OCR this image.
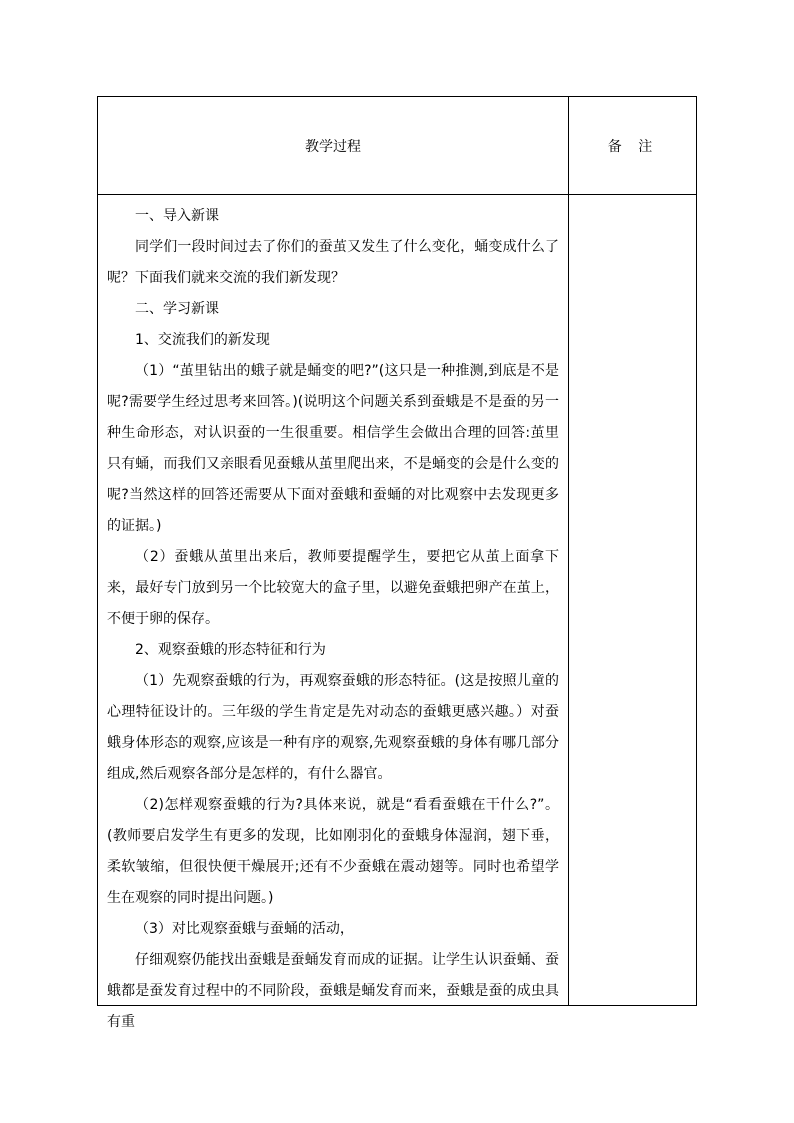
教学过程	备 注

一、导入新课

同学们一段时间过去了你们的蚕茧又发生了什么变化，蛹变成什么了呢？下面我们就来交流的我们新发现？

二、学习新课

1、交流我们的新发现

（1）“茧里钻出的蛾子就是蛹变的吧?”(这只是一种推测,到底是不是呢?需要学生经过思考来回答。)(说明这个问题关系到蚕蛾是不是蚕的另一种生命形态，对认识蚕的一生很重要。相信学生会做出合理的回答:茧里只有蛹，而我们又亲眼看见蚕蛾从茧里爬出来，不是蛹变的会是什么变的呢?当然这样的回答还需要从下面对蚕蛾和蚕蛹的对比观察中去发现更多的证据。)

（2）蚕蛾从茧里出来后，教师要提醒学生，要把它从茧上面拿下来，最好专门放到另一个比较宽大的盒子里，以避免蚕蛾把卵产在茧上，不便于卵的保存。

2、观察蚕蛾的形态特征和行为

（1）先观察蚕蛾的行为，再观察蚕蛾的形态特征。(这是按照儿童的心理特征设计的。三年级的学生肯定是先对动态的蚕蛾更感兴趣。）对蚕蛾身体形态的观察,应该是一种有序的观察,先观察蚕蛾的身体有哪几部分组成,然后观察各部分是怎样的，有什么器官。

（2)怎样观察蚕蛾的行为?具体来说，就是“看看蚕蛾在干什么?”。(教师要启发学生有更多的发现，比如刚羽化的蚕蛾身体湿润，翅下垂，柔软皱缩，但很快便干燥展开;还有不少蚕蛾在震动翅等。同时也希望学生在观察的同时提出问题。)

（3）对比观察蚕蛾与蚕蛹的活动，

仔细观察仍能找出蚕蛾是蚕蛹发育而成的证据。让学生认识蚕蛹、蚕蛾都是蚕发育过程中的不同阶段，蚕蛾是蛹发育而来，蚕蛾是蚕的成虫具有重
